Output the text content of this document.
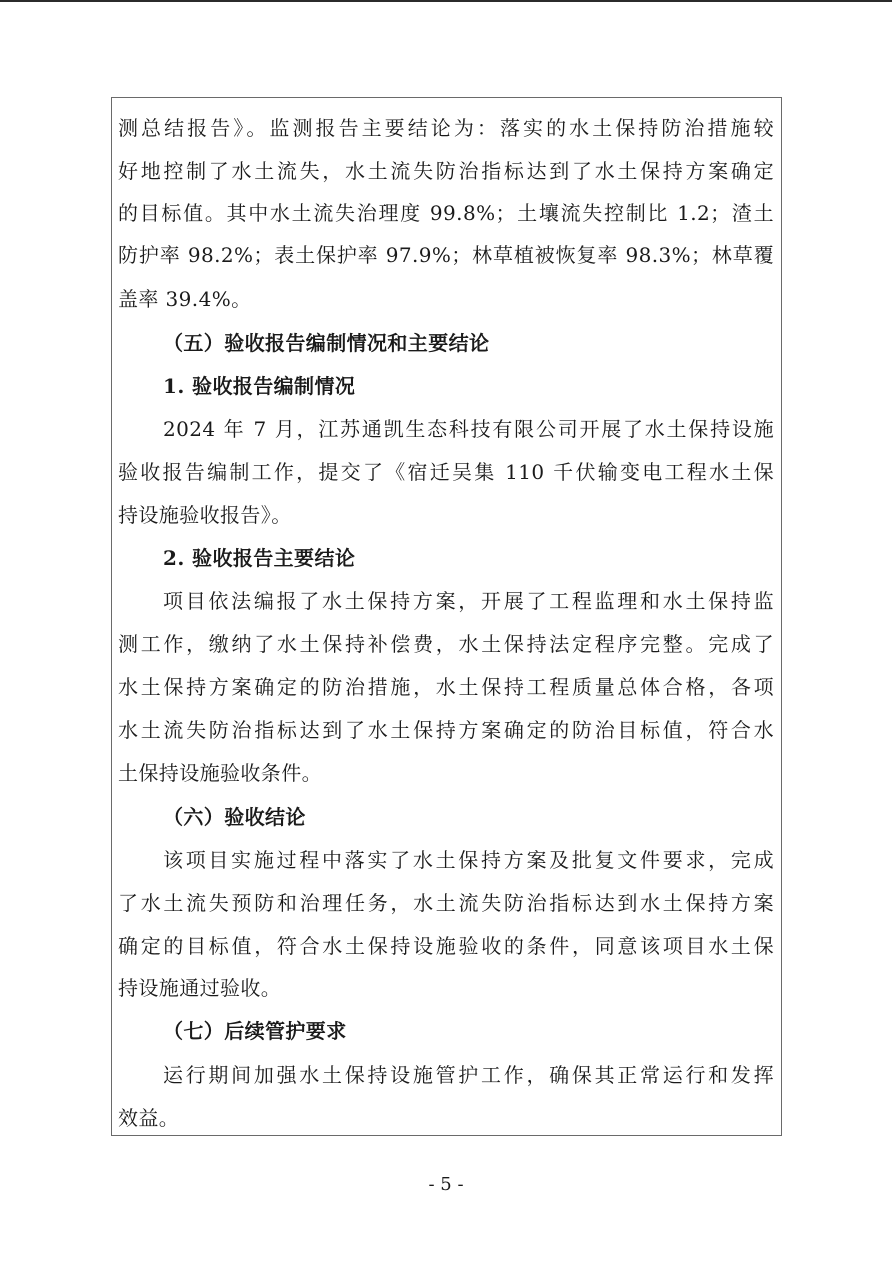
测总结报告》。监测报告主要结论为：落实的水土保持防治措施较
好地控制了水土流失，水土流失防治指标达到了水土保持方案确定
的目标值。其中水土流失治理度 99.8%；土壤流失控制比 1.2；渣土
防护率 98.2%；表土保护率 97.9%；林草植被恢复率 98.3%；林草覆
盖率 39.4%。
（五）验收报告编制情况和主要结论
1. 验收报告编制情况
2024 年 7 月，江苏通凯生态科技有限公司开展了水土保持设施
验收报告编制工作，提交了《宿迁吴集 110 千伏输变电工程水土保
持设施验收报告》。
2. 验收报告主要结论
项目依法编报了水土保持方案，开展了工程监理和水土保持监
测工作，缴纳了水土保持补偿费，水土保持法定程序完整。完成了
水土保持方案确定的防治措施，水土保持工程质量总体合格，各项
水土流失防治指标达到了水土保持方案确定的防治目标值，符合水
土保持设施验收条件。
（六）验收结论
该项目实施过程中落实了水土保持方案及批复文件要求，完成
了水土流失预防和治理任务，水土流失防治指标达到水土保持方案
确定的目标值，符合水土保持设施验收的条件，同意该项目水土保
持设施通过验收。
（七）后续管护要求
运行期间加强水土保持设施管护工作，确保其正常运行和发挥
效益。
- 5 -
